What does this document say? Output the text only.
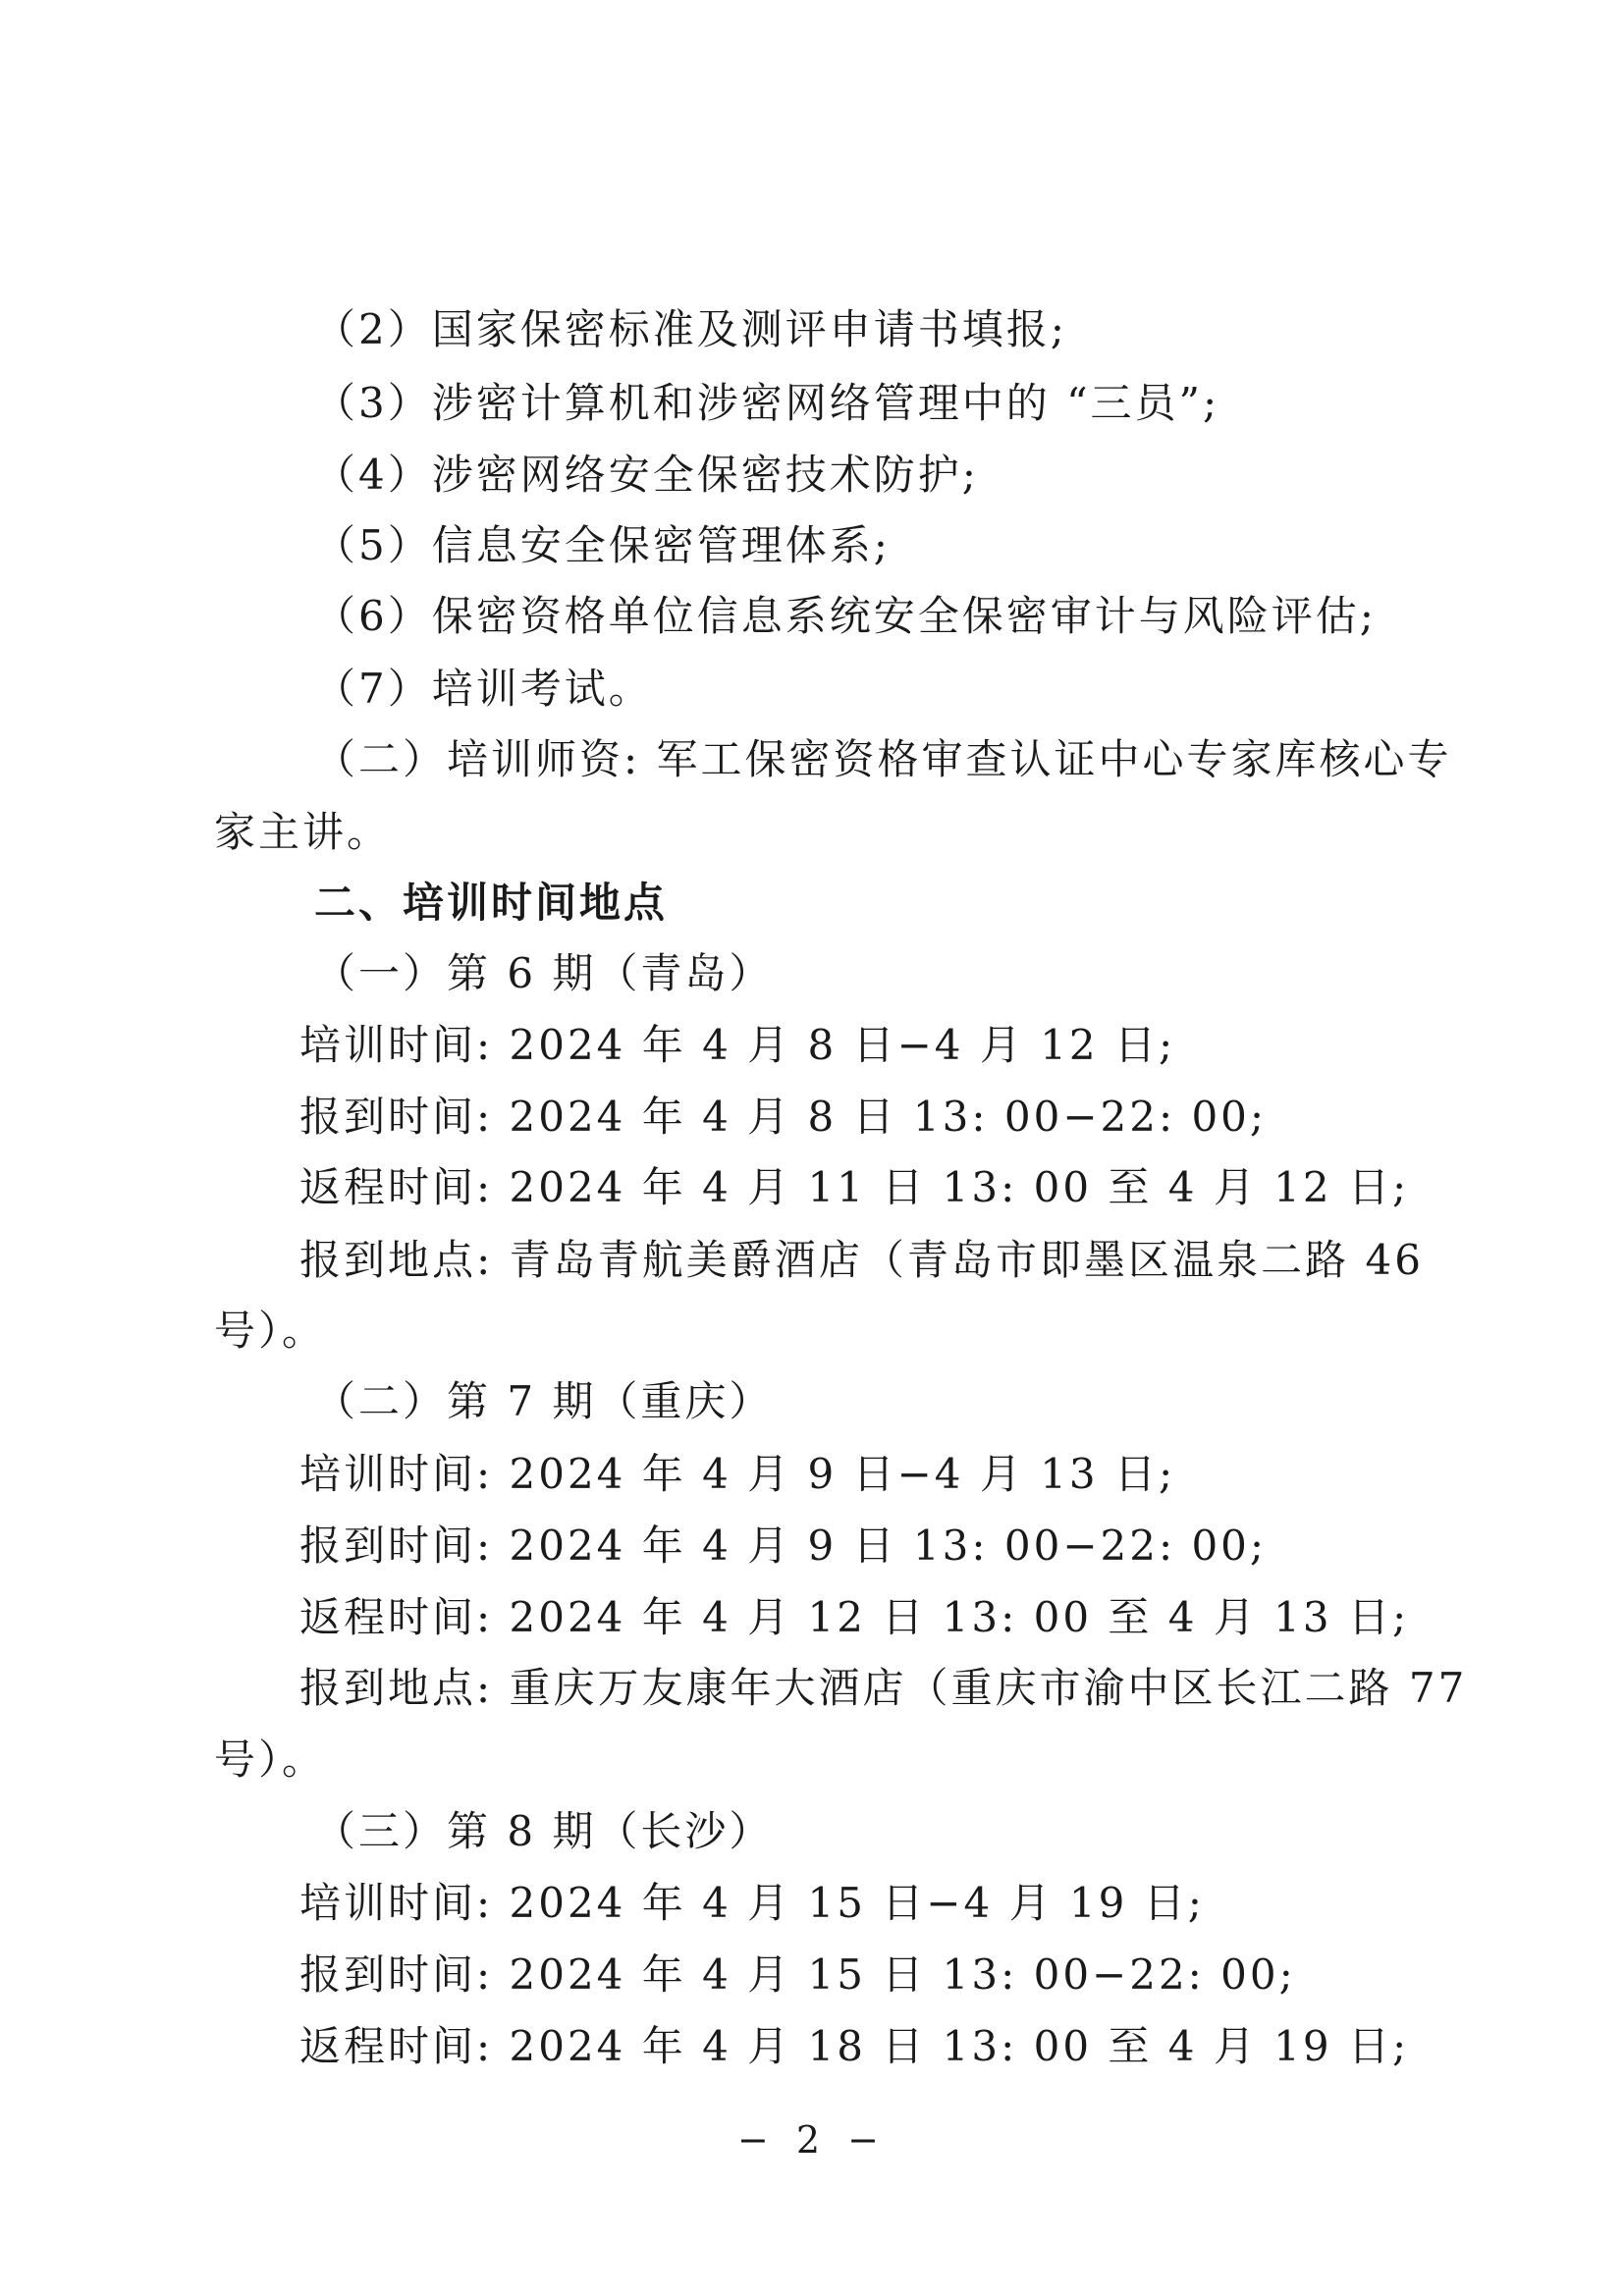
（2）国家保密标准及测评申请书填报;
（3）涉密计算机和涉密网络管理中的 “三员”;
（4）涉密网络安全保密技术防护;
（5）信息安全保密管理体系;
（6）保密资格单位信息系统安全保密审计与风险评估;
（7）培训考试。
（二）培训师资: 军工保密资格审查认证中心专家库核心专
家主讲。
二、培训时间地点
（一）第 6 期（青岛）
培训时间: 2024 年 4 月 8 日−4 月 12 日;
报到时间: 2024 年 4 月 8 日 13: 00−22: 00;
返程时间: 2024 年 4 月 11 日 13: 00 至 4 月 12 日;
报到地点: 青岛青航美爵酒店（青岛市即墨区温泉二路 46
号）。
（二）第 7 期（重庆）
培训时间: 2024 年 4 月 9 日−4 月 13 日;
报到时间: 2024 年 4 月 9 日 13: 00−22: 00;
返程时间: 2024 年 4 月 12 日 13: 00 至 4 月 13 日;
报到地点: 重庆万友康年大酒店（重庆市渝中区长江二路 77
号）。
（三）第 8 期（长沙）
培训时间: 2024 年 4 月 15 日−4 月 19 日;
报到时间: 2024 年 4 月 15 日 13: 00−22: 00;
返程时间: 2024 年 4 月 18 日 13: 00 至 4 月 19 日;
− 2 −
